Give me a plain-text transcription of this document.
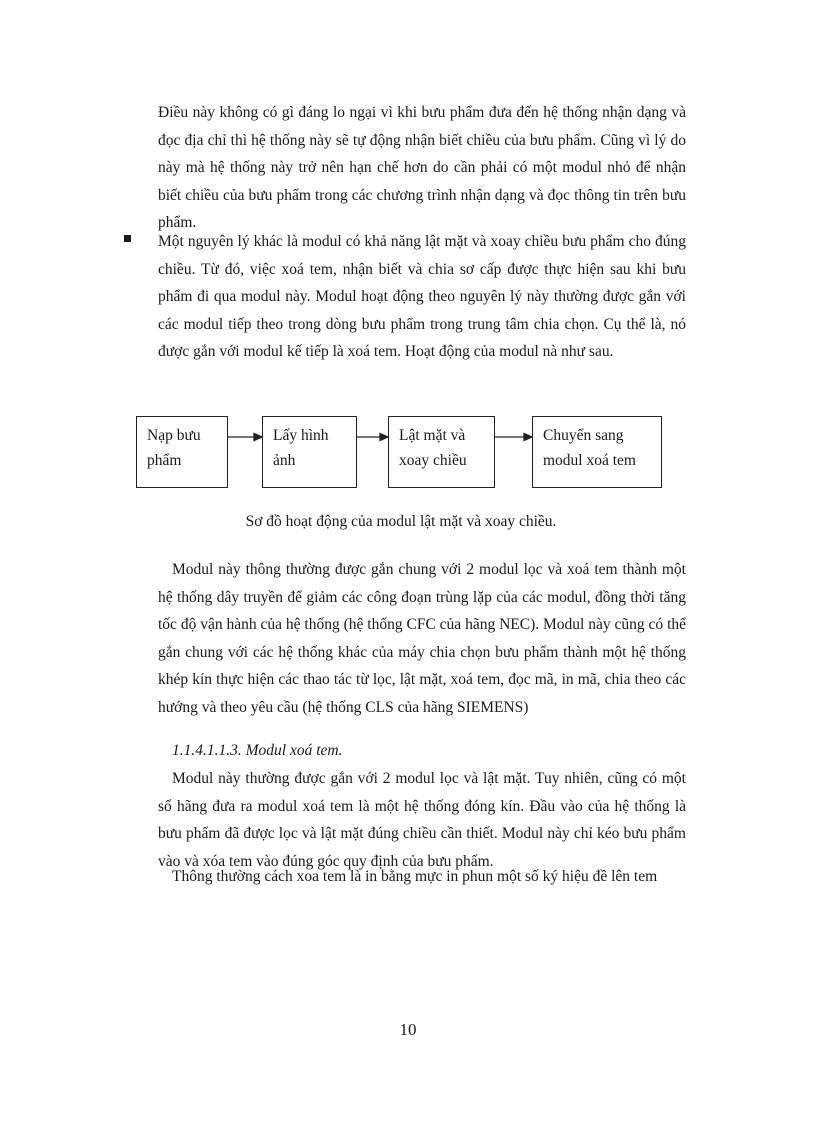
Điều này không có gì đáng lo ngại vì khi bưu phẩm đưa đến hệ thống nhận dạng và đọc địa chỉ thì hệ thống này sẽ tự động nhận biết chiều của bưu phẩm. Cũng vì lý do này mà hệ thống này trở nên hạn chế hơn do cần phải có một modul nhỏ để nhận biết chiều của bưu phẩm trong các chương trình nhận dạng và đọc thông tin trên bưu phẩm.

Một nguyên lý khác là modul có khả năng lật mặt và xoay chiều bưu phẩm cho đúng chiều. Từ đó, việc xoá tem, nhận biết và chia sơ cấp được thực hiện sau khi bưu phẩm đi qua modul này. Modul hoạt động theo nguyên lý này thường được gắn với các modul tiếp theo trong dòng bưu phẩm trong trung tâm chia chọn. Cụ thể là, nó được gắn với modul kế tiếp là xoá tem. Hoạt động của modul nà như sau.

Nạp bưu
phẩm
Lấy hình
ảnh
Lật mặt và
xoay chiều
Chuyển sang
modul xoá tem

Sơ đồ hoạt động của modul lật mặt và xoay chiều.

Modul này thông thường được gắn chung với 2 modul lọc và xoá tem thành một hệ thống dây truyền để giảm các công đoạn trùng lặp của các modul, đồng thời tăng tốc độ vận hành của hệ thống (hệ thống CFC của hãng NEC). Modul này cũng có thể gắn chung với các hệ thống khác của máy chia chọn bưu phẩm thành một hệ thống khép kín thực hiện các thao tác từ lọc, lật mặt, xoá tem, đọc mã, in mã, chia theo các hướng và theo yêu cầu (hệ thống CLS của hãng SIEMENS)

1.1.4.1.1.3. Modul xoá tem.

Modul này thường được gắn với 2 modul lọc và lật mặt. Tuy nhiên, cũng có một số hãng đưa ra modul xoá tem là một hệ thống đóng kín. Đầu vào của hệ thống là bưu phẩm đã được lọc và lật mặt đúng chiều cần thiết. Modul này chỉ kéo bưu phẩm vào và xóa tem vào đúng góc quy định của bưu phẩm.

Thông thường cách xoa tem là in bằng mực in phun một số ký hiệu đề lên tem

10
